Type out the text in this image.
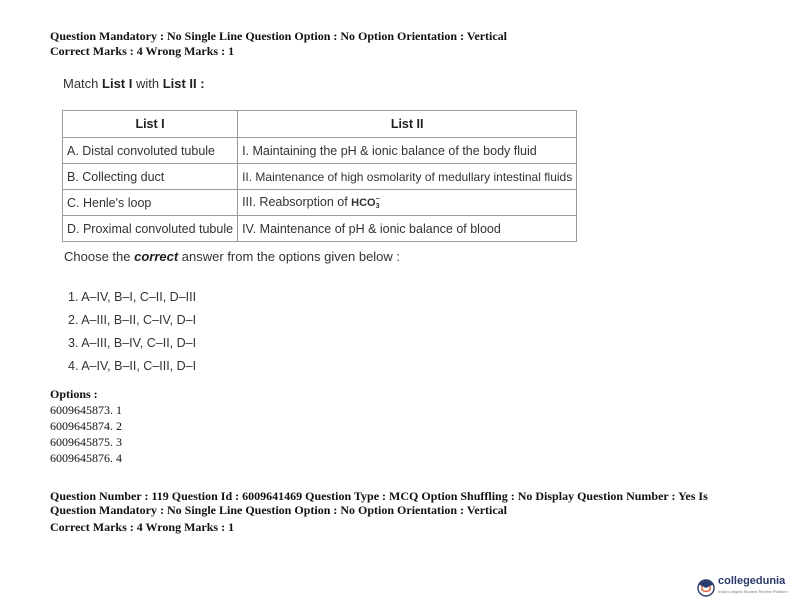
Question Mandatory : No Single Line Question Option : No Option Orientation : Vertical
Correct Marks : 4 Wrong Marks : 1
Match List I with List II :
List I	List II
A. Distal convoluted tubule	I. Maintaining the pH & ionic balance of the body fluid
B. Collecting duct	II. Maintenance of high osmolarity of medullary intestinal fluids
C. Henle's loop	III. Reabsorption of HCO −
3

D. Proximal convoluted tubule	IV. Maintenance of pH & ionic balance of blood
Choose the correct answer from the options given below :
1. A–IV, B–I, C–II, D–III
2. A–III, B–II, C–IV, D–I
3. A–III, B–IV, C–II, D–I
4. A–IV, B–II, C–III, D–I
Options :
6009645873. 1
6009645874. 2
6009645875. 3
6009645876. 4
Question Number : 119 Question Id : 6009641469 Question Type : MCQ Option Shuffling : No Display Question Number : Yes Is
Question Mandatory : No Single Line Question Option : No Option Orientation : Vertical
Correct Marks : 4 Wrong Marks : 1
collegedunia
India's largest Student Review Platform
